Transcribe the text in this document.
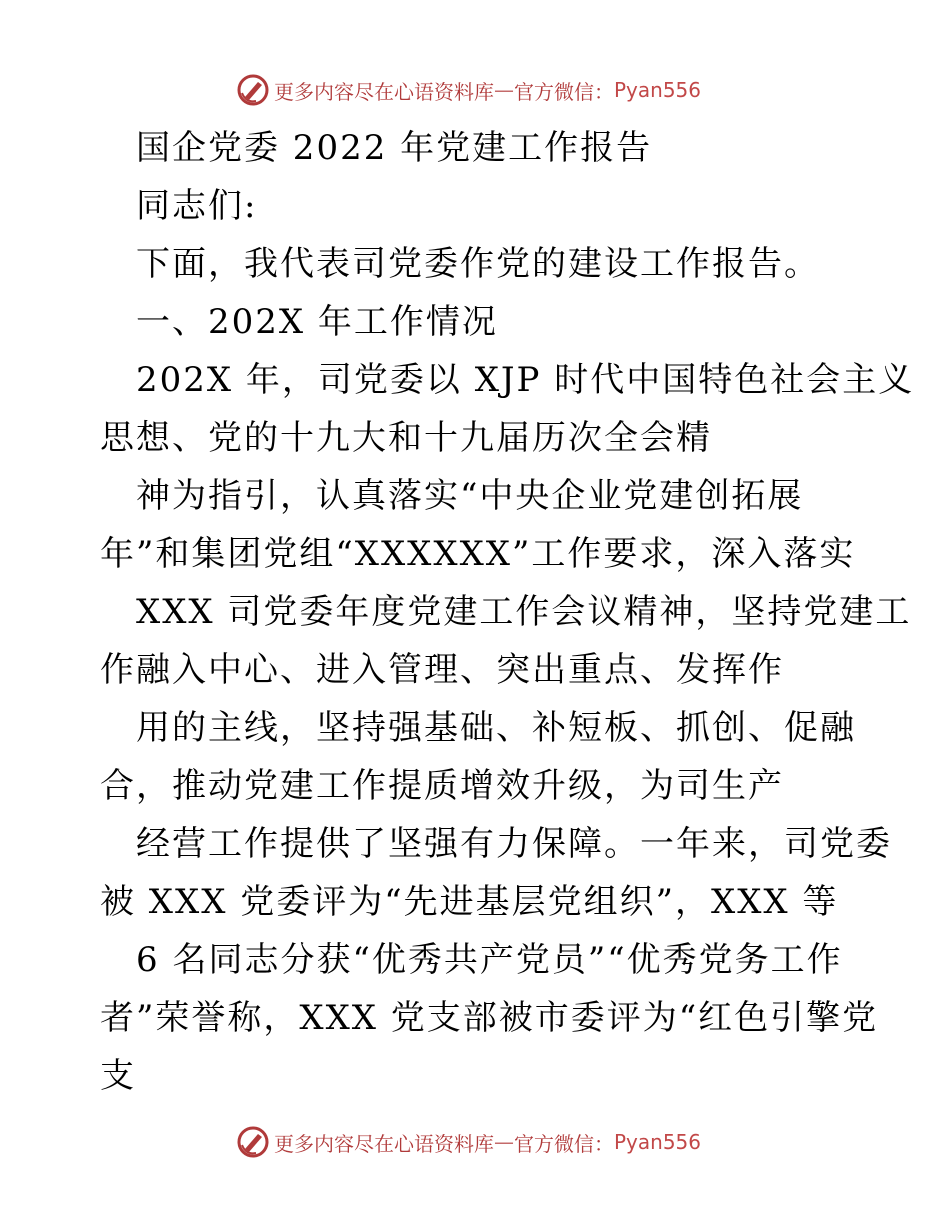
更多内容尽在心语资料库 — 官方微信： Pyan556
国企党委 2022 年党建工作报告
同志们:
下面，我代表司党委作党的建设工作报告。
一、202X 年工作情况
202X 年，司党委以 XJP 时代中国特色社会主义
思想、党的十九大和十九届历次全会精
神为指引，认真落实“中央企业党建创拓展
年”和集团党组“XXXXXX”工作要求，深入落实
XXX 司党委年度党建工作会议精神，坚持党建工
作融入中心、进入管理、突出重点、发挥作
用的主线，坚持强基础、补短板、抓创、促融
合，推动党建工作提质增效升级，为司生产
经营工作提供了坚强有力保障。一年来，司党委
被 XXX 党委评为“先进基层党组织”，XXX 等
6 名同志分获“优秀共产党员”“优秀党务工作
者”荣誉称，XXX 党支部被市委评为“红色引擎党
支
更多内容尽在心语资料库 — 官方微信： Pyan556
